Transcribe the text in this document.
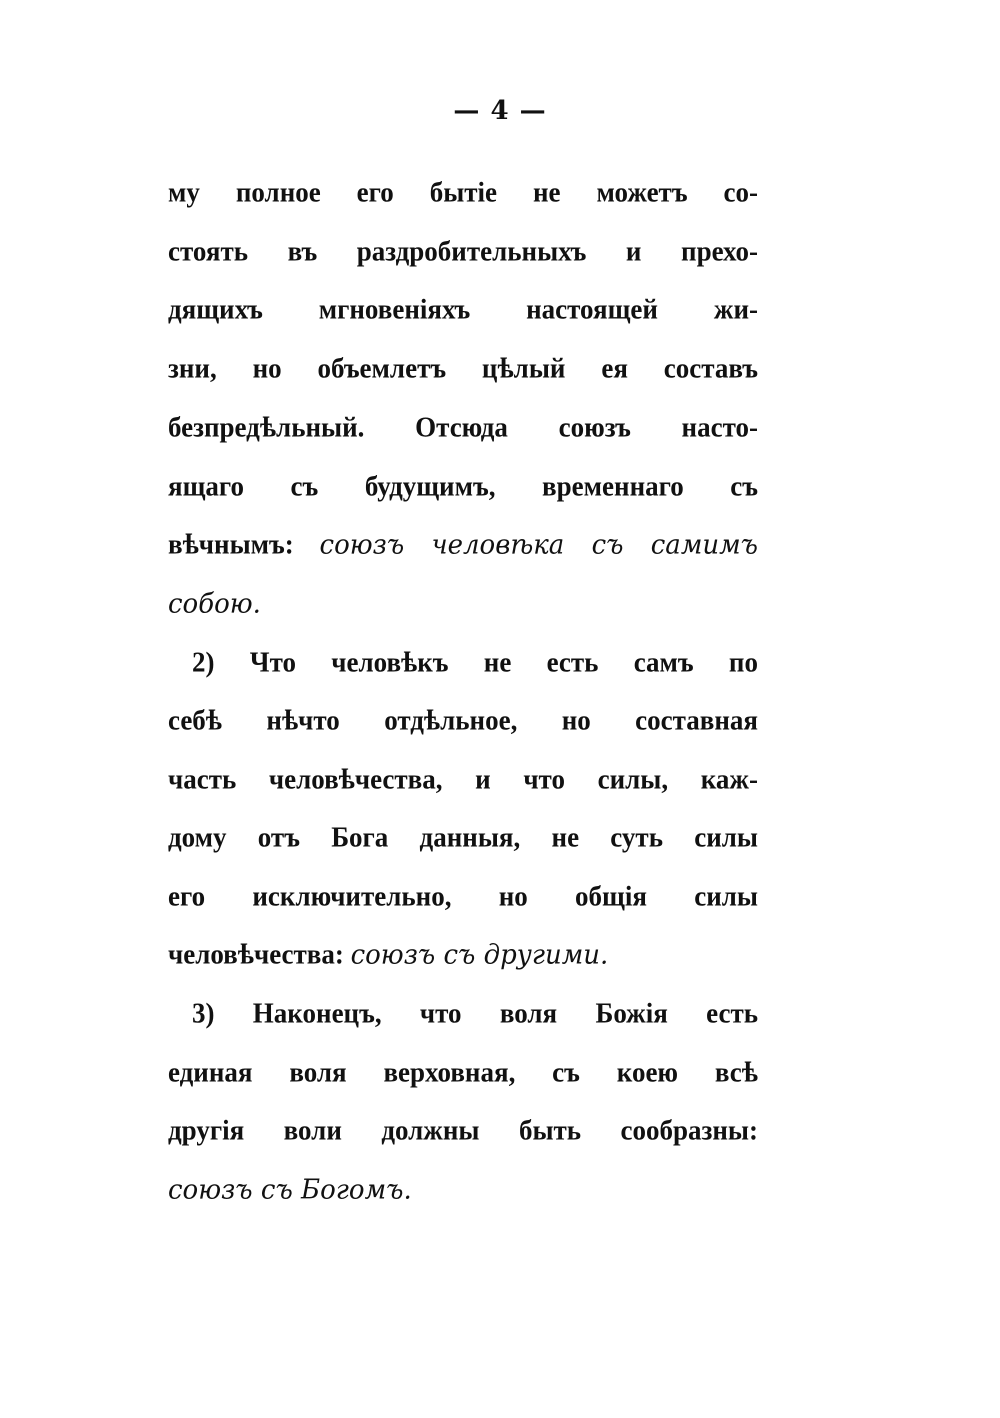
— 4 —
му полное его бытіе не можетъ со-
стоять въ раздробительныхъ и прехо-
дящихъ мгновеніяхъ настоящей жи-
зни, но объемлетъ цѣлый ея составъ
безпредѣльный. Отсюда союзъ насто-
ящаго съ будущимъ, временнаго съ
вѣчнымъ: союзъ человѣка съ самимъ
собою.
2) Что человѣкъ не есть самъ по
себѣ нѣчто отдѣльное, но составная
часть человѣчества, и что силы, каж-
дому отъ Бога данныя, не суть силы
его исключительно, но общія силы
человѣчества: союзъ съ другими.
3) Наконецъ, что воля Божія есть
единая воля верховная, съ коею всѣ
другія воли должны быть сообразны:
союзъ съ Богомъ.
